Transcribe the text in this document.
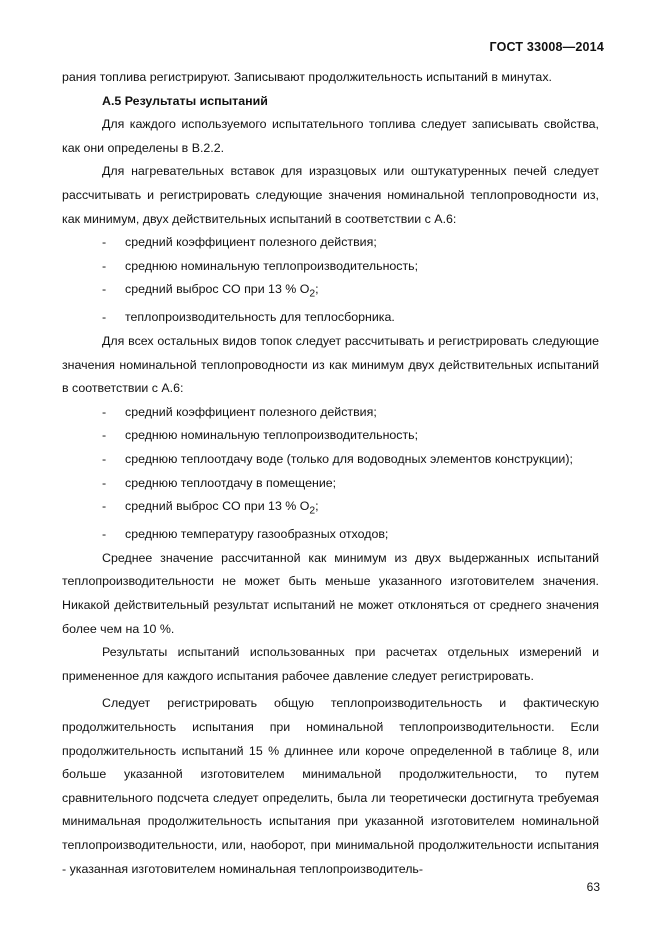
ГОСТ 33008—2014

рания топлива регистрируют. Записывают продолжительность испытаний в минутах.

А.5 Результаты испытаний

Для каждого используемого испытательного топлива следует записывать свойства, как они определены в В.2.2.

Для нагревательных вставок для изразцовых или оштукатуренных печей следует рассчитывать и регистрировать следующие значения номинальной теплопроводности из, как минимум, двух действительных испытаний в соответствии с А.6:

- средний коэффициент полезного действия;

- среднюю номинальную теплопроизводительность;

- средний выброс CO при 13 % $O_2$;

- теплопроизводительность для теплосборника.

Для всех остальных видов топок следует рассчитывать и регистрировать следующие значения номинальной теплопроводности из как минимум двух действительных испытаний в соответствии с А.6:

- средний коэффициент полезного действия;

- среднюю номинальную теплопроизводительность;

- среднюю теплоотдачу воде (только для водоводных элементов конструкции);

- среднюю теплоотдачу в помещение;

- средний выброс CO при 13 % $O_2$;

- среднюю температуру газообразных отходов;

Среднее значение рассчитанной как минимум из двух выдержанных испытаний теплопроизводительности не может быть меньше указанного изготовителем значения. Никакой действительный результат испытаний не может отклоняться от среднего значения более чем на 10 %.

Результаты испытаний использованных при расчетах отдельных измерений и примененное для каждого испытания рабочее давление следует регистрировать.

Следует регистрировать общую теплопроизводительность и фактическую продолжительность испытания при номинальной теплопроизводительности. Если продолжительность испытаний 15 % длиннее или короче определенной в таблице 8, или больше указанной изготовителем минимальной продолжительности, то путем сравнительного подсчета следует определить, была ли теоретически достигнута требуемая минимальная продолжительность испытания при указанной изготовителем номинальной теплопроизводительности, или, наоборот, при минимальной продолжительности испытания - указанная изготовителем номинальная теплопроизводитель-

63
